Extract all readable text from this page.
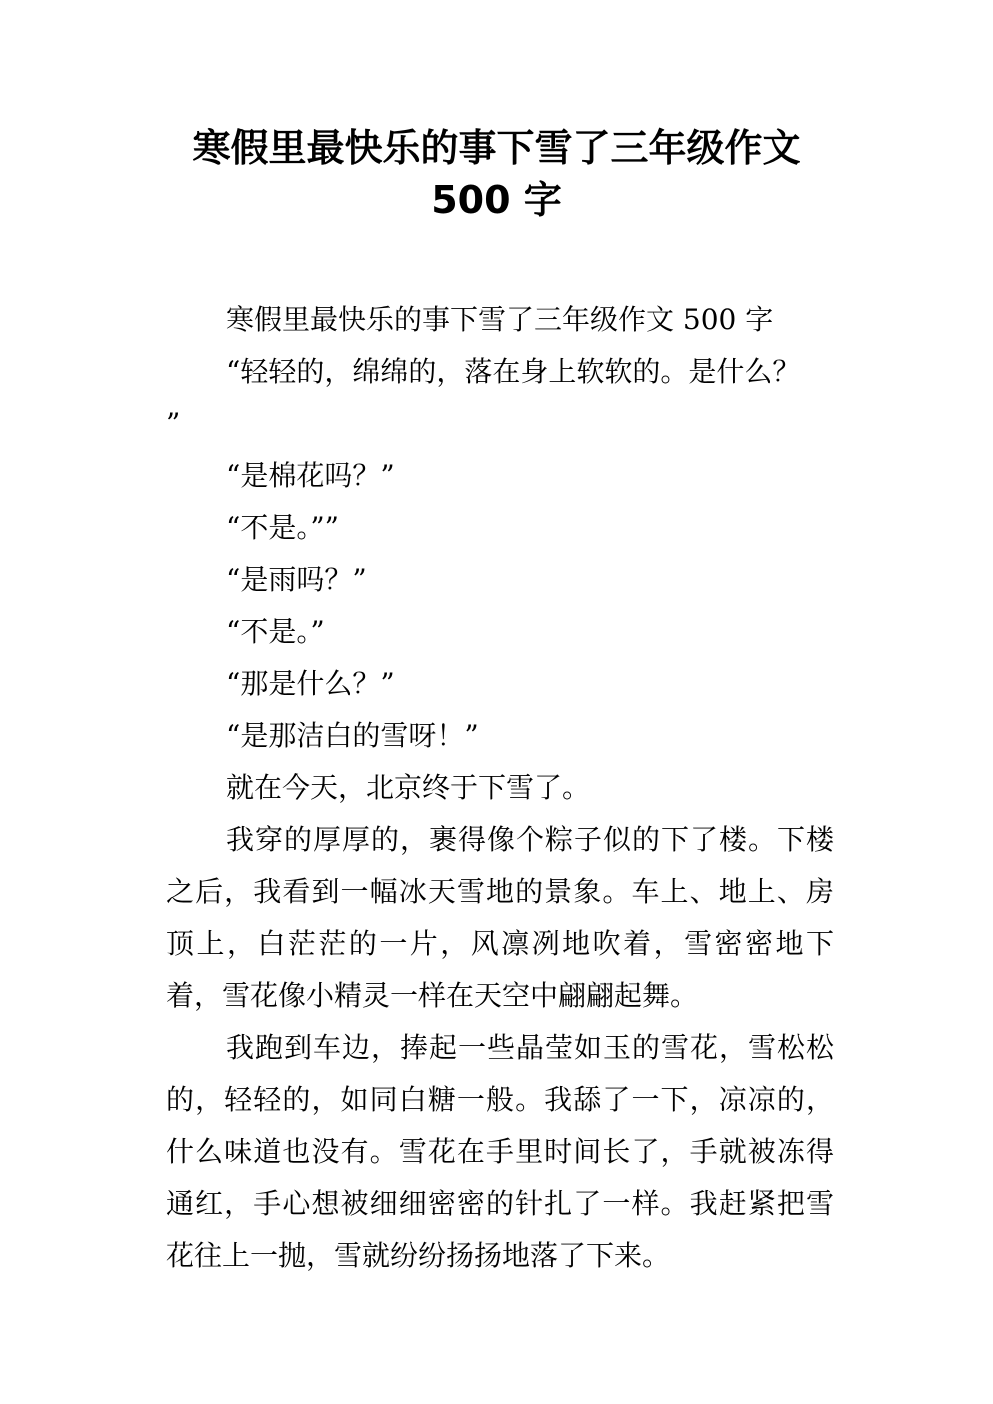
寒假里最快乐的事下雪了三年级作文
500 字

寒假里最快乐的事下雪了三年级作文 500 字

“轻轻的，绵绵的，落在身上软软的。是什么？

”

“是棉花吗？”

“不是。””

“是雨吗？”

“不是。”

“那是什么？”

“是那洁白的雪呀！”

就在今天，北京终于下雪了。

我穿的厚厚的，裹得像个粽子似的下了楼。下楼之后，我看到一幅冰天雪地的景象。车上、地上、房顶上，白茫茫的一片，风凛冽地吹着，雪密密地下着，雪花像小精灵一样在天空中翩翩起舞。

我跑到车边，捧起一些晶莹如玉的雪花，雪松松的，轻轻的，如同白糖一般。我舔了一下，凉凉的，什么味道也没有。雪花在手里时间长了，手就被冻得通红，手心想被细细密密的针扎了一样。我赶紧把雪花往上一抛，雪就纷纷扬扬地落了下来。
